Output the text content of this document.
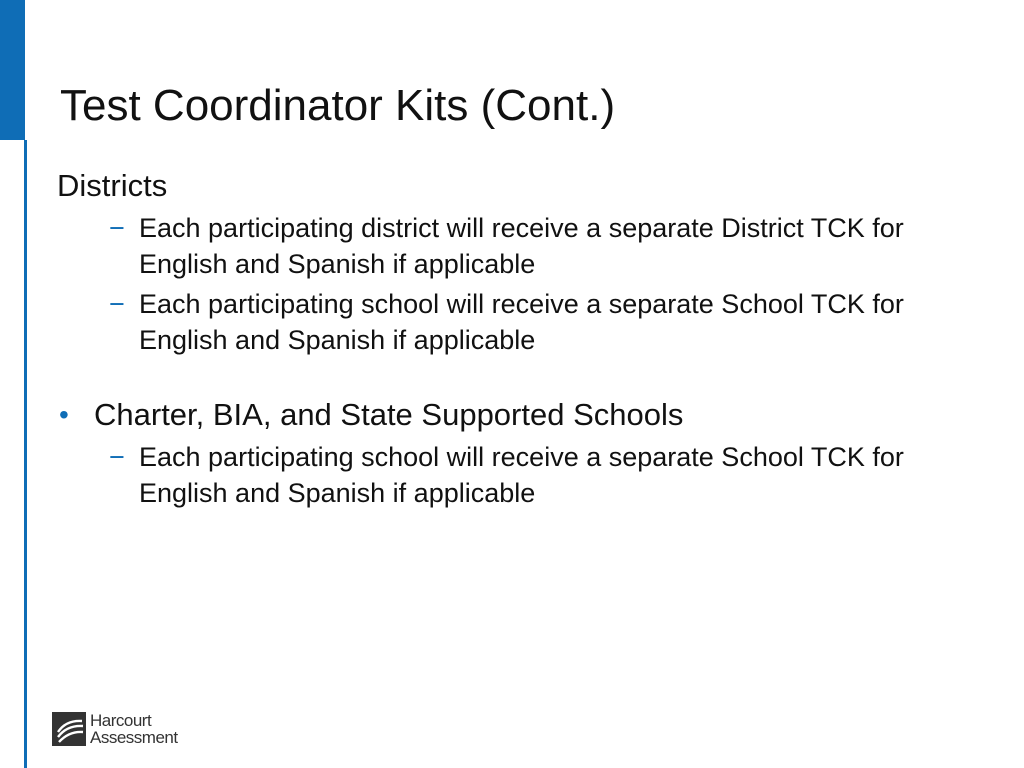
Test Coordinator Kits (Cont.)
Districts
− Each participating district will receive a separate District TCK for English and Spanish if applicable
− Each participating school will receive a separate School TCK for English and Spanish if applicable
• Charter, BIA, and State Supported Schools
− Each participating school will receive a separate School TCK for English and Spanish if applicable
Harcourt
Assessment
